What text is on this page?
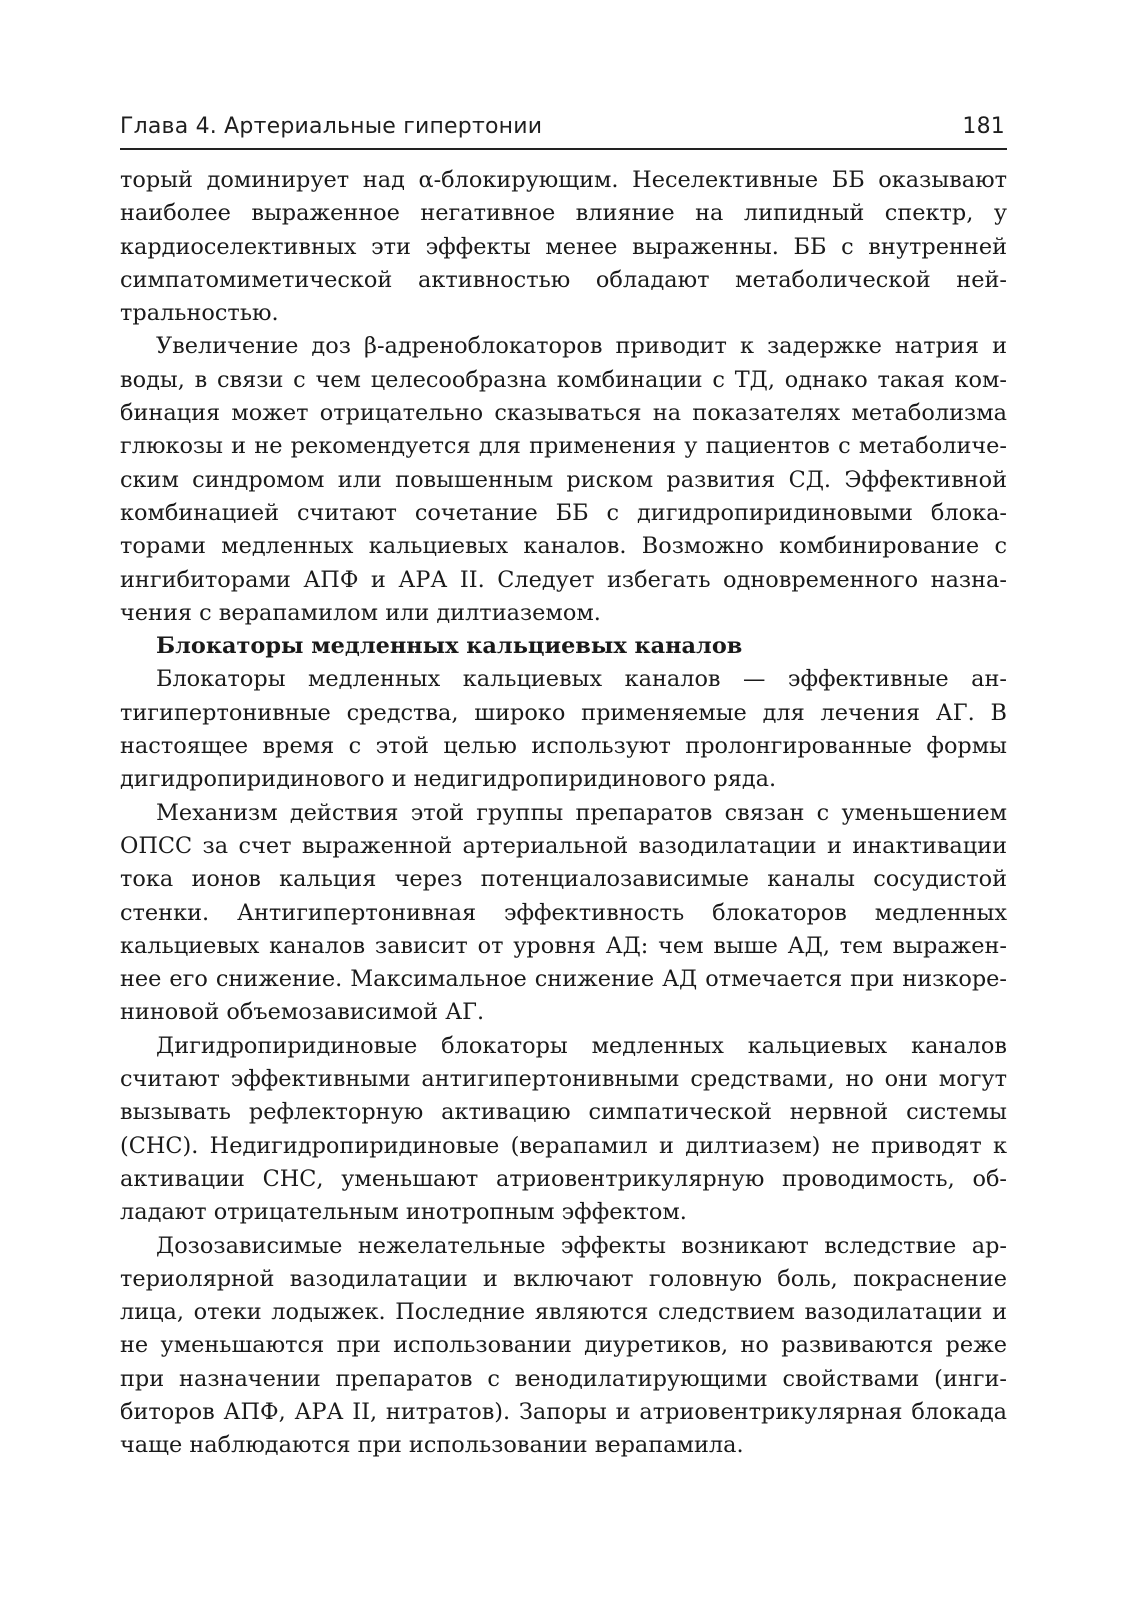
Глава 4. Артериальные гипертонии	181

торый доминирует над α-блокирующим. Неселективные ББ оказывают наиболее выраженное негативное влияние на липидный спектр, у кардиоселективных эти эффекты менее выраженны. ББ с внутренней симпатомиметической активностью обладают метаболической нейтральностью.

Увеличение доз β-адреноблокаторов приводит к задержке натрия и воды, в связи с чем целесообразна комбинации с ТД, однако такая комбинация может отрицательно сказываться на показателях метаболизма глюкозы и не рекомендуется для применения у пациентов с метаболическим синдромом или повышенным риском развития СД. Эффективной комбинацией считают сочетание ББ с дигидропиридиновыми блокаторами медленных кальциевых каналов. Возможно комбинирование с ингибиторами АПФ и АРА II. Следует избегать одновременного назначения с верапамилом или дилтиаземом.

Блокаторы медленных кальциевых каналов

Блокаторы медленных кальциевых каналов — эффективные антигипертонивные средства, широко применяемые для лечения АГ. В настоящее время с этой целью используют пролонгированные формы дигидропиридинового и недигидропиридинового ряда.

Механизм действия этой группы препаратов связан с уменьшением ОПСС за счет выраженной артериальной вазодилатации и инактивации тока ионов кальция через потенциалозависимые каналы сосудистой стенки. Антигипертонивная эффективность блокаторов медленных кальциевых каналов зависит от уровня АД: чем выше АД, тем выраженнее его снижение. Максимальное снижение АД отмечается при низкорениновой объемозависимой АГ.

Дигидропиридиновые блокаторы медленных кальциевых каналов считают эффективными антигипертонивными средствами, но они могут вызывать рефлекторную активацию симпатической нервной системы (СНС). Недигидропиридиновые (верапамил и дилтиазем) не приводят к активации СНС, уменьшают атриовентрикулярную проводимость, обладают отрицательным инотропным эффектом.

Дозозависимые нежелательные эффекты возникают вследствие артериолярной вазодилатации и включают головную боль, покраснение лица, отеки лодыжек. Последние являются следствием вазодилатации и не уменьшаются при использовании диуретиков, но развиваются реже при назначении препаратов с венодилатирующими свойствами (ингибиторов АПФ, АРА II, нитратов). Запоры и атриовентрикулярная блокада чаще наблюдаются при использовании верапамила.
